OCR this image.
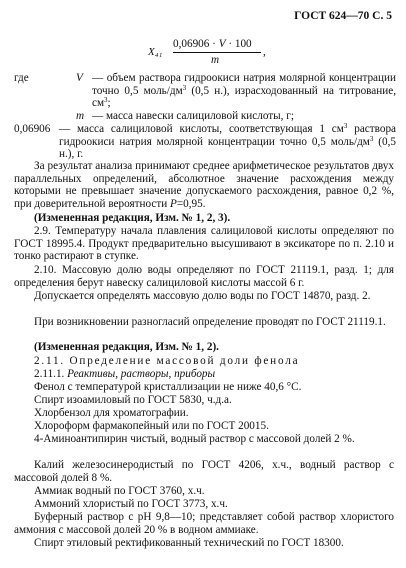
ГОСТ 624—70 С. 5
X₄₁
0,06906 · V · 100
m
,
где	V — объем раствора гидроокиси натрия молярной концентрации точно 0,5 моль/$дм^3$ (0,5 н.), израсходованный на титрование, $см^3$;
m — масса навески салициловой кислоты, г;
0,06906 — масса салициловой кислоты, соответствующая 1 $см^3$ раствора гидроокиси натрия молярной концентрации точно 0,5 моль/$дм^3$ (0,5 н.), г.
За результат анализа принимают среднее арифметическое результатов двух параллельных определений, абсолютное значение расхождения между которыми не превышает значение допускаемого расхождения, равное 0,2 %, при доверительной вероятности P=0,95.
(Измененная редакция, Изм. № 1, 2, 3).
2.9. Температуру начала плавления салициловой кислоты определяют по ГОСТ 18995.4. Продукт предварительно высушивают в эксикаторе по п. 2.10 и тонко растирают в ступке.
2.10. Массовую долю воды определяют по ГОСТ 21119.1, разд. 1; для определения берут навеску салициловой кислоты массой 6 г.
Допускается определять массовую долю воды по ГОСТ 14870, разд. 2.
При возникновении разногласий определение проводят по ГОСТ 21119.1.
(Измененная редакция, Изм. № 1, 2).
2.11. Определение массовой доли фенола
2.11.1. Реактивы, растворы, приборы
Фенол с температурой кристаллизации не ниже 40,6 °С.
Спирт изоамиловый по ГОСТ 5830, ч.д.а.
Хлорбензол для хроматографии.
Хлороформ фармакопейный или по ГОСТ 20015.
4-Аминоантипирин чистый, водный раствор с массовой долей 2 %.
Калий железосинеродистый по ГОСТ 4206, х.ч., водный раствор с массовой долей 8 %.
Аммиак водный по ГОСТ 3760, х.ч.
Аммоний хлористый по ГОСТ 3773, х.ч.
Буферный раствор с pH 9,8—10; представляет собой раствор хлористого аммония с массовой долей 20 % в водном аммиаке.
Спирт этиловый ректификованный технический по ГОСТ 18300.
